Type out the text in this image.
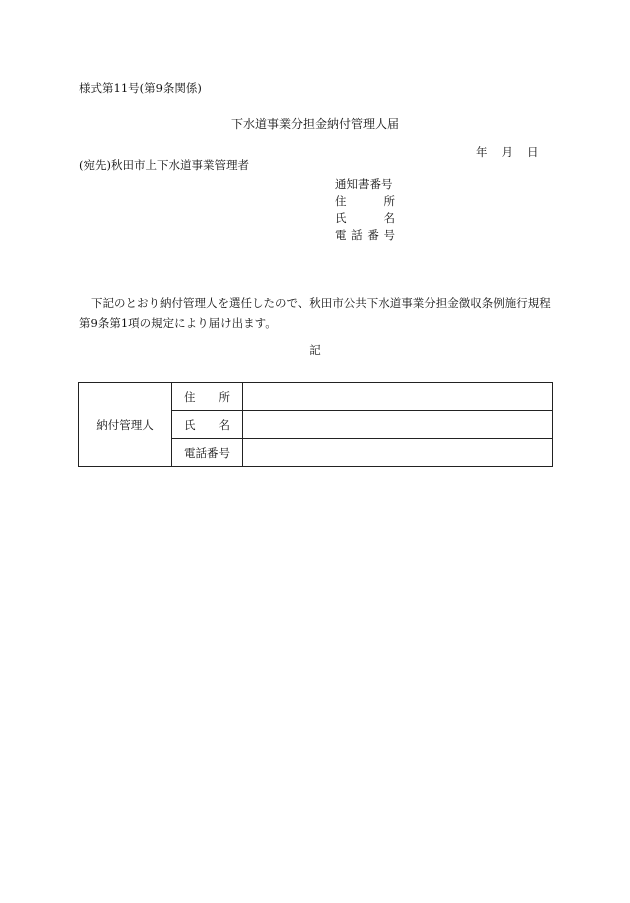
様式第11号(第9条関係)
下水道事業分担金納付管理人届
年 月 日
(宛先)秋田市上下水道事業管理者
通知書番号
住	所
氏	名
電 話 番 号
下記のとおり納付管理人を選任したので、秋田市公共下水道事業分担金徴収条例施行規程第9条第1項の規定により届け出ます。
記
納付管理人	住 所	

	氏 名	

	電話番号	
